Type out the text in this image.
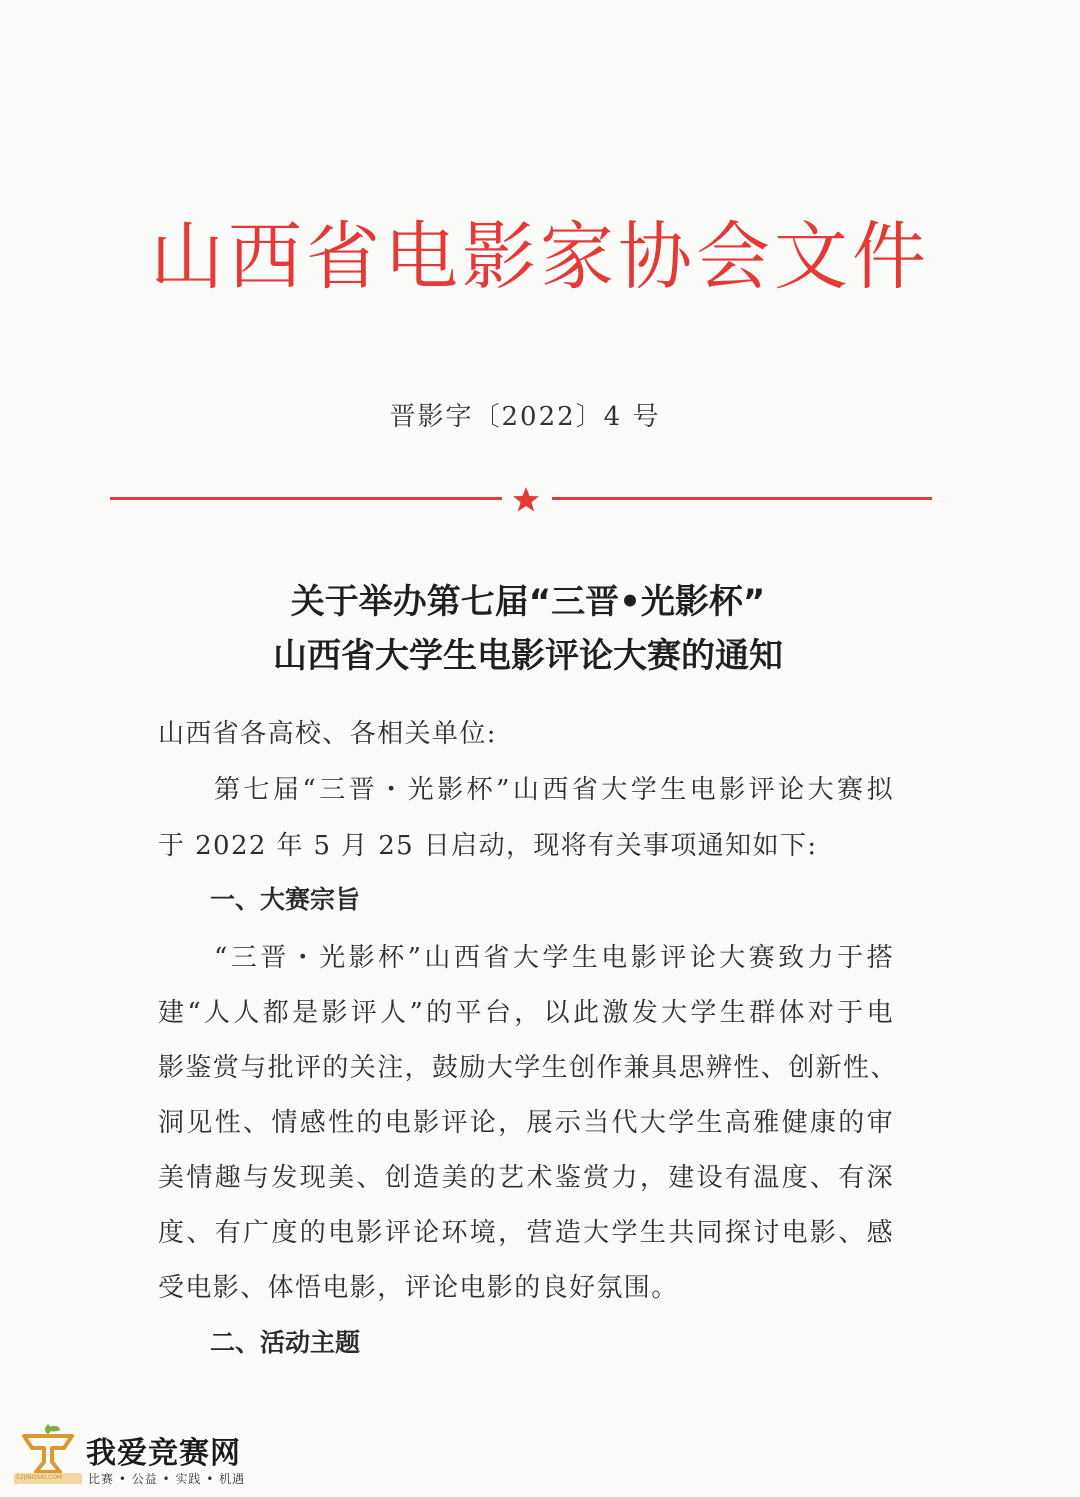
山西省电影家协会文件
晋影字〔2022〕4 号
关于举办第七届“三晋•光影杯”
山西省大学生电影评论大赛的通知
山西省各高校、各相关单位:
第七届“三晋・光影杯”山西省大学生电影评论大赛拟
于 2022 年 5 月 25 日启动，现将有关事项通知如下:
一、大赛宗旨
“三晋・光影杯”山西省大学生电影评论大赛致力于搭
建“人人都是影评人”的平台，以此激发大学生群体对于电
影鉴赏与批评的关注，鼓励大学生创作兼具思辨性、创新性、
洞见性、情感性的电影评论，展示当代大学生高雅健康的审
美情趣与发现美、创造美的艺术鉴赏力，建设有温度、有深
度、有广度的电影评论环境，营造大学生共同探讨电影、感
受电影、体悟电影，评论电影的良好氛围。
二、活动主题
52JINGSAI.COM
我爱竞赛网
比赛 • 公益 • 实践 • 机遇
